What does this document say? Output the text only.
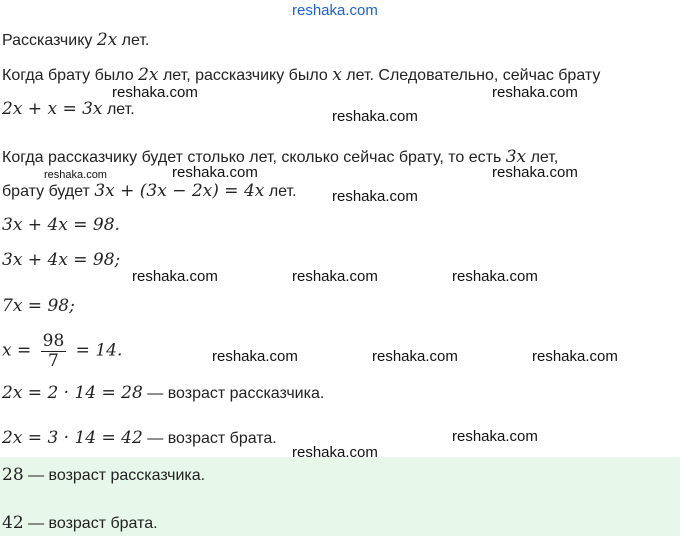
reshaka.com
Рассказчику 2x лет.
Когда брату было 2x лет, рассказчику было x лет. Следовательно, сейчас брату
2x + x = 3x лет.
Когда рассказчику будет столько лет, сколько сейчас брату, то есть 3x лет,
брату будет 3x + (3x − 2x) = 4x лет.
3x + 4x = 98.
3x + 4x = 98;
7x = 98;
$x = \frac{98}{7} = 14$.
2x = 2 · 14 = 28 — возраст рассказчика.
2x = 3 · 14 = 42 — возраст брата.
28 — возраст рассказчика.
42 — возраст брата.
reshaka.com	reshaka.com
reshaka.com
reshaka.com	reshaka.com	reshaka.com
reshaka.com
reshaka.com	reshaka.com	reshaka.com
reshaka.com	reshaka.com	reshaka.com
reshaka.com
reshaka.com
